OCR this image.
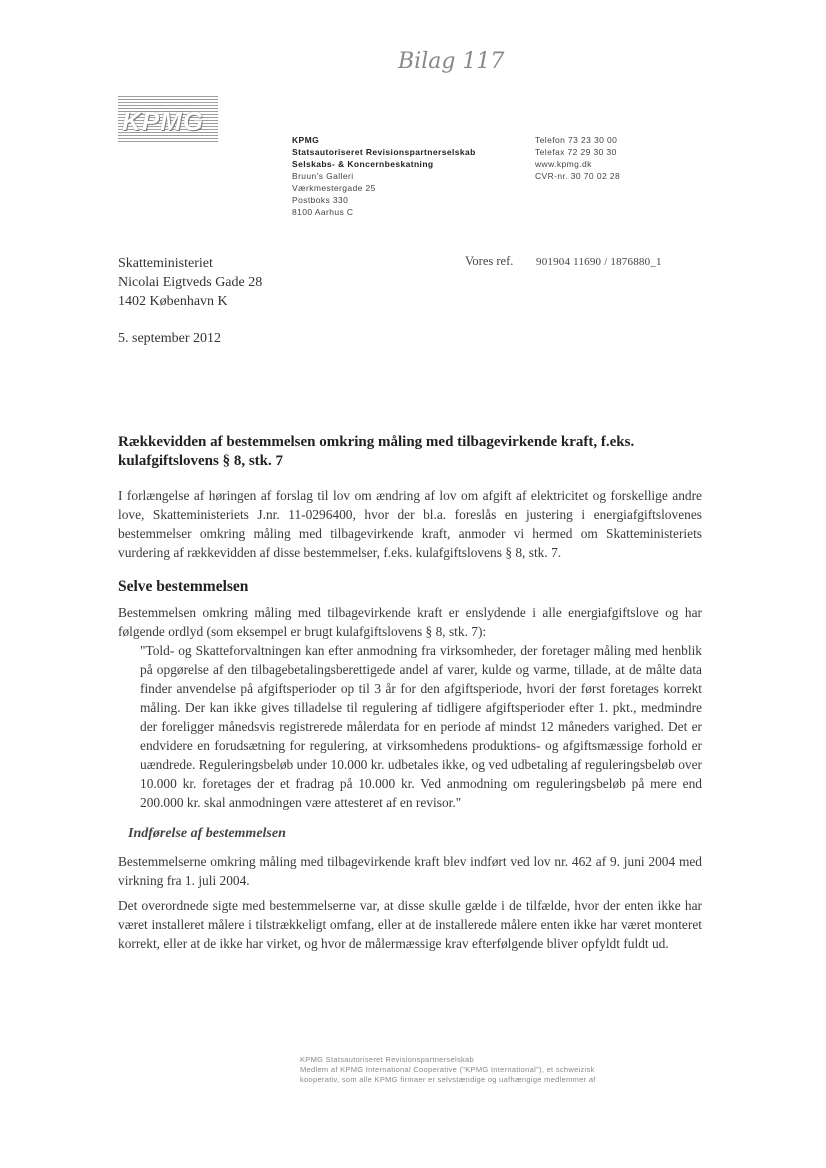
Bilag 117
KPMG
KPMG
Statsautoriseret Revisionspartnerselskab
Selskabs- & Koncernbeskatning
Bruun's Galleri
Værkmestergade 25
Postboks 330
8100 Aarhus C
Telefon 73 23 30 00
Telefax 72 29 30 30
www.kpmg.dk
CVR-nr. 30 70 02 28
Skatteministeriet
Nicolai Eigtveds Gade 28
1402 København K
Vores ref. 901904 11690 / 1876880_1
5. september 2012
Rækkevidden af bestemmelsen omkring måling med tilbagevirkende kraft, f.eks. kulafgiftslovens § 8, stk. 7
I forlængelse af høringen af forslag til lov om ændring af lov om afgift af elektricitet og forskellige andre love, Skatteministeriets J.nr. 11-0296400, hvor der bl.a. foreslås en justering i energiafgiftslovenes bestemmelser omkring måling med tilbagevirkende kraft, anmoder vi hermed om Skatteministeriets vurdering af rækkevidden af disse bestemmelser, f.eks. kulafgiftslovens § 8, stk. 7.
Selve bestemmelsen
Bestemmelsen omkring måling med tilbagevirkende kraft er enslydende i alle energiafgiftslove og har følgende ordlyd (som eksempel er brugt kulafgiftslovens § 8, stk. 7):
"Told- og Skatteforvaltningen kan efter anmodning fra virksomheder, der foretager måling med henblik på opgørelse af den tilbagebetalingsberettigede andel af varer, kulde og varme, tillade, at de målte data finder anvendelse på afgiftsperioder op til 3 år for den afgiftsperiode, hvori der først foretages korrekt måling. Der kan ikke gives tilladelse til regulering af tidligere afgiftsperioder efter 1. pkt., medmindre der foreligger månedsvis registrerede målerdata for en periode af mindst 12 måneders varighed. Det er endvidere en forudsætning for regulering, at virksomhedens produktions- og afgiftsmæssige forhold er uændrede. Reguleringsbeløb under 10.000 kr. udbetales ikke, og ved udbetaling af reguleringsbeløb over 10.000 kr. foretages der et fradrag på 10.000 kr. Ved anmodning om reguleringsbeløb på mere end 200.000 kr. skal anmodningen være attesteret af en revisor."
Indførelse af bestemmelsen
Bestemmelserne omkring måling med tilbagevirkende kraft blev indført ved lov nr. 462 af 9. juni 2004 med virkning fra 1. juli 2004.
Det overordnede sigte med bestemmelserne var, at disse skulle gælde i de tilfælde, hvor der enten ikke har været installeret målere i tilstrækkeligt omfang, eller at de installerede målere enten ikke har været monteret korrekt, eller at de ikke har virket, og hvor de målermæssige krav efterfølgende bliver opfyldt fuldt ud.
KPMG Statsautoriseret Revisionspartnerselskab
Medlem af KPMG International Cooperative ("KPMG International"), et schweizisk
kooperativ, som alle KPMG firmaer er selvstændige og uafhængige medlemmer af
